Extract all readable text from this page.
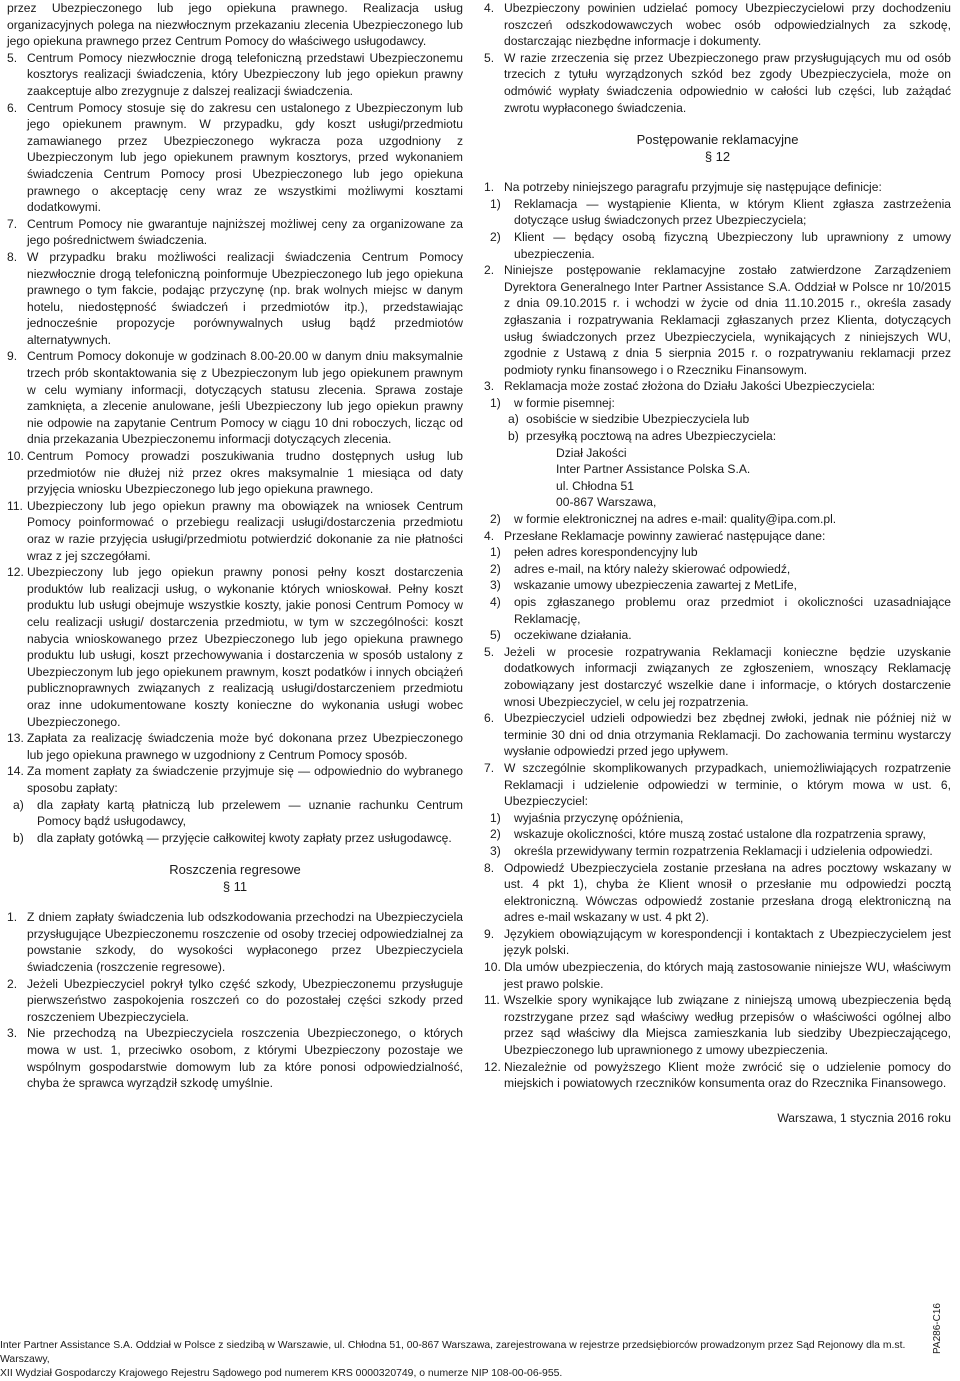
przez Ubezpieczonego lub jego opiekuna prawnego. Realizacja usług organizacyjnych polega na niezwłocznym przekazaniu zlecenia Ubezpieczonego lub jego opiekuna prawnego przez Centrum Pomocy do właściwego usługodawcy.

5. Centrum Pomocy niezwłocznie drogą telefoniczną przedstawi Ubezpieczonemu kosztorys realizacji świadczenia, który Ubezpieczony lub jego opiekun prawny zaakceptuje albo zrezygnuje z dalszej realizacji świadczenia.
6. Centrum Pomocy stosuje się do zakresu cen ustalonego z Ubezpieczonym lub jego opiekunem prawnym. W przypadku, gdy koszt usługi/przedmiotu zamawianego przez Ubezpieczonego wykracza poza uzgodniony z Ubezpieczonym lub jego opiekunem prawnym kosztorys, przed wykonaniem świadczenia Centrum Pomocy prosi Ubezpieczonego lub jego opiekuna prawnego o akceptację ceny wraz ze wszystkimi możliwymi kosztami dodatkowymi.
7. Centrum Pomocy nie gwarantuje najniższej możliwej ceny za organizowane za jego pośrednictwem świadczenia.
8. W przypadku braku możliwości realizacji świadczenia Centrum Pomocy niezwłocznie drogą telefoniczną poinformuje Ubezpieczonego lub jego opiekuna prawnego o tym fakcie, podając przyczynę (np. brak wolnych miejsc w danym hotelu, niedostępność świadczeń i przedmiotów itp.), przedstawiając jednocześnie propozycje porównywalnych usług bądź przedmiotów alternatywnych.
9. Centrum Pomocy dokonuje w godzinach 8.00-20.00 w danym dniu maksymalnie trzech prób skontaktowania się z Ubezpieczonym lub jego opiekunem prawnym w celu wymiany informacji, dotyczących statusu zlecenia. Sprawa zostaje zamknięta, a zlecenie anulowane, jeśli Ubezpieczony lub jego opiekun prawny nie odpowie na zapytanie Centrum Pomocy w ciągu 10 dni roboczych, licząc od dnia przekazania Ubezpieczonemu informacji dotyczących zlecenia.
10. Centrum Pomocy prowadzi poszukiwania trudno dostępnych usług lub przedmiotów nie dłużej niż przez okres maksymalnie 1 miesiąca od daty przyjęcia wniosku Ubezpieczonego lub jego opiekuna prawnego.
11. Ubezpieczony lub jego opiekun prawny ma obowiązek na wniosek Centrum Pomocy poinformować o przebiegu realizacji usługi/dostarczenia przedmiotu oraz w razie przyjęcia usługi/przedmiotu potwierdzić dokonanie za nie płatności wraz z jej szczegółami.
12. Ubezpieczony lub jego opiekun prawny ponosi pełny koszt dostarczenia produktów lub realizacji usług, o wykonanie których wnioskował. Pełny koszt produktu lub usługi obejmuje wszystkie koszty, jakie ponosi Centrum Pomocy w celu realizacji usługi/ dostarczenia przedmiotu, w tym w szczególności: koszt nabycia wnioskowanego przez Ubezpieczonego lub jego opiekuna prawnego produktu lub usługi, koszt przechowywania i dostarczenia w sposób ustalony z Ubezpieczonym lub jego opiekunem prawnym, koszt podatków i innych obciążeń publicznoprawnych związanych z realizacją usługi/dostarczeniem przedmiotu oraz inne udokumentowane koszty konieczne do wykonania usługi wobec Ubezpieczonego.
13. Zapłata za realizację świadczenia może być dokonana przez Ubezpieczonego lub jego opiekuna prawnego w uzgodniony z Centrum Pomocy sposób.
14. Za moment zapłaty za świadczenie przyjmuje się — odpowiednio do wybranego sposobu zapłaty:
a) dla zapłaty kartą płatniczą lub przelewem — uznanie rachunku Centrum Pomocy bądź usługodawcy,
b) dla zapłaty gotówką — przyjęcie całkowitej kwoty zapłaty przez usługodawcę.

Roszczenia regresowe

§ 11

1. Z dniem zapłaty świadczenia lub odszkodowania przechodzi na Ubezpieczyciela przysługujące Ubezpieczonemu roszczenie od osoby trzeciej odpowiedzialnej za powstanie szkody, do wysokości wypłaconego przez Ubezpieczyciela świadczenia (roszczenie regresowe).
2. Jeżeli Ubezpieczyciel pokrył tylko część szkody, Ubezpieczonemu przysługuje pierwszeństwo zaspokojenia roszczeń co do pozostałej części szkody przed roszczeniem Ubezpieczyciela.
3. Nie przechodzą na Ubezpieczyciela roszczenia Ubezpieczonego, o których mowa w ust. 1, przeciwko osobom, z którymi Ubezpieczony pozostaje we wspólnym gospodarstwie domowym lub za które ponosi odpowiedzialność, chyba że sprawca wyrządził szkodę umyślnie.
4. Ubezpieczony powinien udzielać pomocy Ubezpieczycielowi przy dochodzeniu roszczeń odszkodowawczych wobec osób odpowiedzialnych za szkodę, dostarczając niezbędne informacje i dokumenty.
5. W razie zrzeczenia się przez Ubezpieczonego praw przysługujących mu od osób trzecich z tytułu wyrządzonych szkód bez zgody Ubezpieczyciela, może on odmówić wypłaty świadczenia odpowiednio w całości lub części, lub zażądać zwrotu wypłaconego świadczenia.

Postępowanie reklamacyjne

§ 12

1. Na potrzeby niniejszego paragrafu przyjmuje się następujące definicje:
1) Reklamacja — wystąpienie Klienta, w którym Klient zgłasza zastrzeżenia dotyczące usług świadczonych przez Ubezpieczyciela;
2) Klient — będący osobą fizyczną Ubezpieczony lub uprawniony z umowy ubezpieczenia.
2. Niniejsze postępowanie reklamacyjne zostało zatwierdzone Zarządzeniem Dyrektora Generalnego Inter Partner Assistance S.A. Oddział w Polsce nr 10/2015 z dnia 09.10.2015 r. i wchodzi w życie od dnia 11.10.2015 r., określa zasady zgłaszania i rozpatrywania Reklamacji zgłaszanych przez Klienta, dotyczących usług świadczonych przez Ubezpieczyciela, wynikających z niniejszych WU, zgodnie z Ustawą z dnia 5 sierpnia 2015 r. o rozpatrywaniu reklamacji przez podmioty rynku finansowego i o Rzeczniku Finansowym.
3. Reklamacja może zostać złożona do Działu Jakości Ubezpieczyciela:
1) w formie pisemnej:
a) osobiście w siedzibie Ubezpieczyciela lub
b) przesyłką pocztową na adres Ubezpieczyciela:
Dział Jakości
Inter Partner Assistance Polska S.A.
ul. Chłodna 51
00-867 Warszawa,
2) w formie elektronicznej na adres e-mail: quality@ipa.com.pl.
4. Przesłane Reklamacje powinny zawierać następujące dane:
1) pełen adres korespondencyjny lub
2) adres e-mail, na który należy skierować odpowiedź,
3) wskazanie umowy ubezpieczenia zawartej z MetLife,
4) opis zgłaszanego problemu oraz przedmiot i okoliczności uzasadniające Reklamację,
5) oczekiwane działania.
5. Jeżeli w procesie rozpatrywania Reklamacji konieczne będzie uzyskanie dodatkowych informacji związanych ze zgłoszeniem, wnoszący Reklamację zobowiązany jest dostarczyć wszelkie dane i informacje, o których dostarczenie wnosi Ubezpieczyciel, w celu jej rozpatrzenia.
6. Ubezpieczyciel udzieli odpowiedzi bez zbędnej zwłoki, jednak nie później niż w terminie 30 dni od dnia otrzymania Reklamacji. Do zachowania terminu wystarczy wysłanie odpowiedzi przed jego upływem.
7. W szczególnie skomplikowanych przypadkach, uniemożliwiających rozpatrzenie Reklamacji i udzielenie odpowiedzi w terminie, o którym mowa w ust. 6, Ubezpieczyciel:
1) wyjaśnia przyczynę opóźnienia,
2) wskazuje okoliczności, które muszą zostać ustalone dla rozpatrzenia sprawy,
3) określa przewidywany termin rozpatrzenia Reklamacji i udzielenia odpowiedzi.
8. Odpowiedź Ubezpieczyciela zostanie przesłana na adres pocztowy wskazany w ust. 4 pkt 1), chyba że Klient wnosił o przesłanie mu odpowiedzi pocztą elektroniczną. Wówczas odpowiedź zostanie przesłana drogą elektroniczną na adres e-mail wskazany w ust. 4 pkt 2).
9. Językiem obowiązującym w korespondencji i kontaktach z Ubezpieczycielem jest język polski.
10. Dla umów ubezpieczenia, do których mają zastosowanie niniejsze WU, właściwym jest prawo polskie.
11. Wszelkie spory wynikające lub związane z niniejszą umową ubezpieczenia będą rozstrzygane przez sąd właściwy według przepisów o właściwości ogólnej albo przez sąd właściwy dla Miejsca zamieszkania lub siedziby Ubezpieczającego, Ubezpieczonego lub uprawnionego z umowy ubezpieczenia.
12. Niezależnie od powyższego Klient może zwrócić się o udzielenie pomocy do miejskich i powiatowych rzeczników konsumenta oraz do Rzecznika Finansowego.

Warszawa, 1 stycznia 2016 roku

Inter Partner Assistance S.A. Oddział w Polsce z siedzibą w Warszawie, ul. Chłodna 51, 00-867 Warszawa, zarejestrowana w rejestrze przedsiębiorców prowadzonym przez Sąd Rejonowy dla m.st. Warszawy,
XII Wydział Gospodarczy Krajowego Rejestru Sądowego pod numerem KRS 0000320749, o numerze NIP 108-00-06-955.
PA286-C16
